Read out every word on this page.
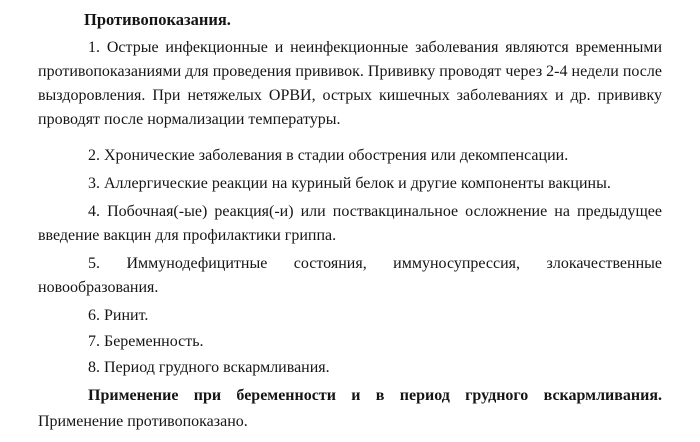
Противопоказания.
1. Острые инфекционные и неинфекционные заболевания являются временными противопоказаниями для проведения прививок. Прививку проводят через 2-4 недели после выздоровления. При нетяжелых ОРВИ, острых кишечных заболеваниях и др. прививку проводят после нормализации температуры.
2. Хронические заболевания в стадии обострения или декомпенсации.
3. Аллергические реакции на куриный белок и другие компоненты вакцины.
4. Побочная(-ые) реакция(-и) или поствакцинальное осложнение на предыдущее введение вакцин для профилактики гриппа.
5. Иммунодефицитные состояния, иммуносупрессия, злокачественные
новообразования.
6. Ринит.
7. Беременность.
8. Период грудного вскармливания.
Применение при беременности и в период грудного вскармливания.
Применение противопоказано.
